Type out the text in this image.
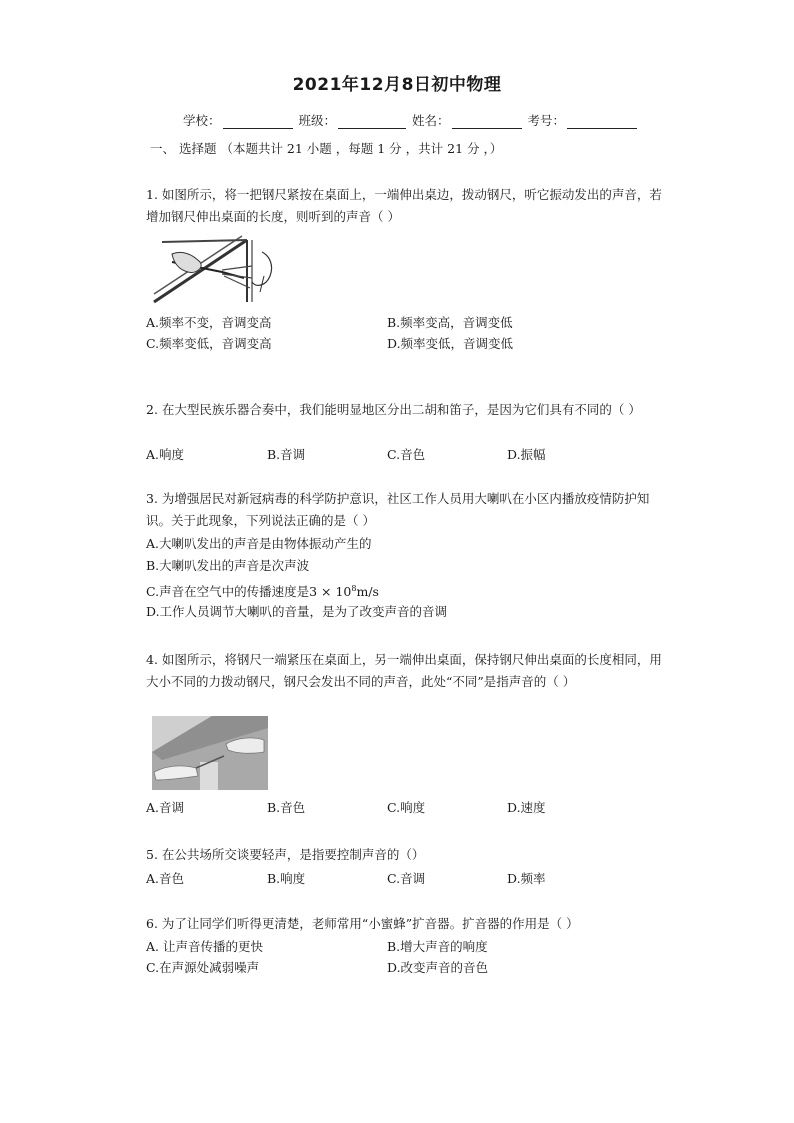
2021年12月8日初中物理
学校：	班级：	姓名：	考号：
一、 选择题 （本题共计 21 小题 ，每题 1 分 ，共计 21 分 ，）

1. 如图所示，将一把钢尺紧按在桌面上，一端伸出桌边，拨动钢尺，听它振动发出的声音，若增加钢尺伸出桌面的长度，则听到的声音（ ）

A.频率不变，音调变高	B.频率变高，音调变低
C.频率变低，音调变高	D.频率变低，音调变低

2. 在大型民族乐器合奏中，我们能明显地区分出二胡和笛子，是因为它们具有不同的（ ）

A.响度	B.音调	C.音色	D.振幅

3. 为增强居民对新冠病毒的科学防护意识，社区工作人员用大喇叭在小区内播放疫情防护知识。关于此现象，下列说法正确的是（ ）

A.大喇叭发出的声音是由物体振动产生的
B.大喇叭发出的声音是次声波
C.声音在空气中的传播速度是$3 \times 10^8m/s$
D.工作人员调节大喇叭的音量，是为了改变声音的音调

4. 如图所示，将钢尺一端紧压在桌面上，另一端伸出桌面，保持钢尺伸出桌面的长度相同，用大小不同的力拨动钢尺，钢尺会发出不同的声音，此处“不同”是指声音的（ ）

A.音调	B.音色	C.响度	D.速度

5. 在公共场所交谈要轻声，是指要控制声音的（）

A.音色	B.响度	C.音调	D.频率

6. 为了让同学们听得更清楚，老师常用“小蜜蜂”扩音器。扩音器的作用是（ ）

A. 让声音传播的更快	B.增大声音的响度
C.在声源处减弱噪声	D.改变声音的音色
